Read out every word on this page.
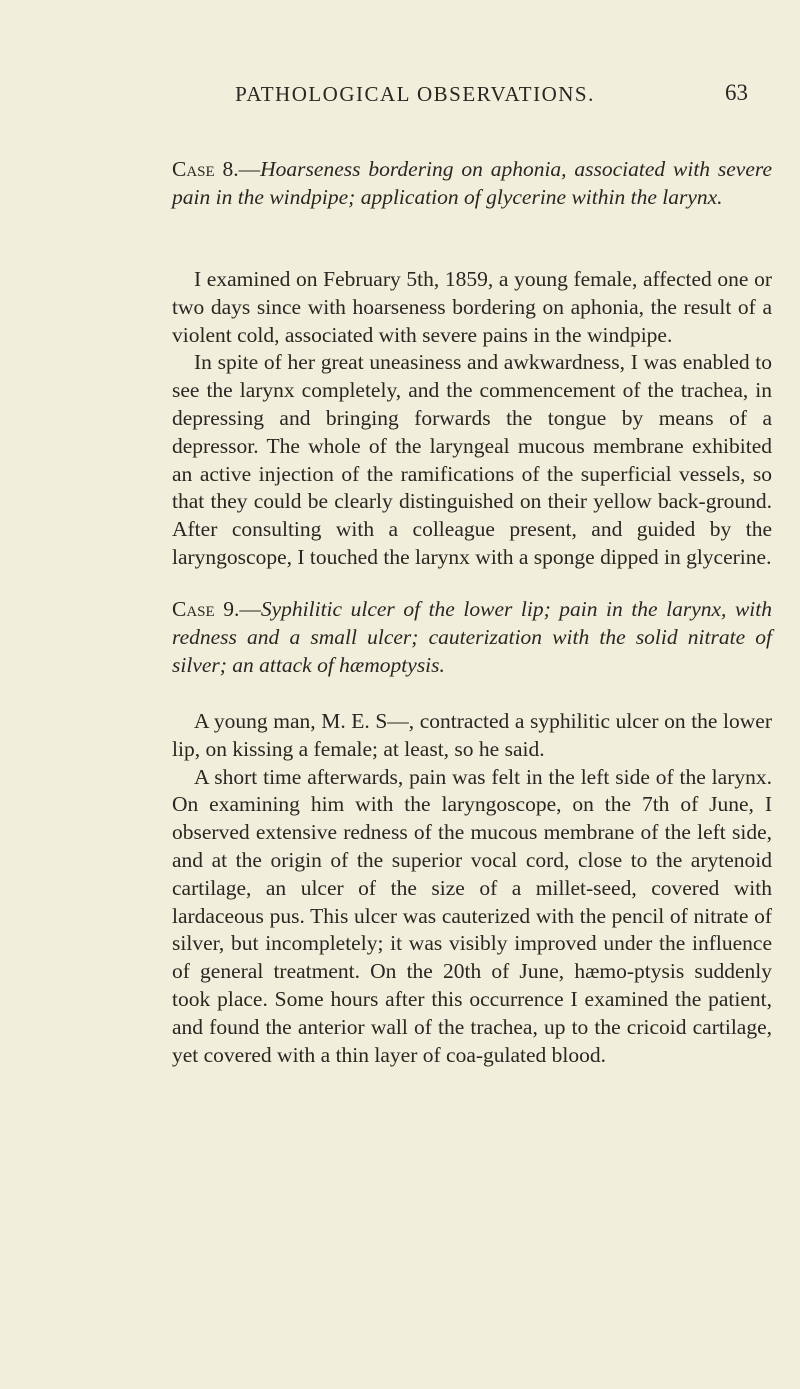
PATHOLOGICAL OBSERVATIONS.	63

Case 8.—Hoarseness bordering on aphonia, associated with severe pain in the windpipe; application of glycerine within the larynx.

I examined on February 5th, 1859, a young female, affected one or two days since with hoarseness bordering on aphonia, the result of a violent cold, associated with severe pains in the windpipe.

In spite of her great uneasiness and awkwardness, I was enabled to see the larynx completely, and the commencement of the trachea, in depressing and bringing forwards the tongue by means of a depressor. The whole of the laryngeal mucous membrane exhibited an active injection of the ramifications of the superficial vessels, so that they could be clearly distinguished on their yellow back-ground. After consulting with a colleague present, and guided by the laryngoscope, I touched the larynx with a sponge dipped in glycerine.

Case 9.—Syphilitic ulcer of the lower lip; pain in the larynx, with redness and a small ulcer; cauterization with the solid nitrate of silver; an attack of hæmoptysis.

A young man, M. E. S—, contracted a syphilitic ulcer on the lower lip, on kissing a female; at least, so he said.

A short time afterwards, pain was felt in the left side of the larynx. On examining him with the laryngoscope, on the 7th of June, I observed extensive redness of the mucous membrane of the left side, and at the origin of the superior vocal cord, close to the arytenoid cartilage, an ulcer of the size of a millet-seed, covered with lardaceous pus. This ulcer was cauterized with the pencil of nitrate of silver, but incompletely; it was visibly improved under the influence of general treatment. On the 20th of June, hæmo-ptysis suddenly took place. Some hours after this occurrence I examined the patient, and found the anterior wall of the trachea, up to the cricoid cartilage, yet covered with a thin layer of coa-gulated blood.
